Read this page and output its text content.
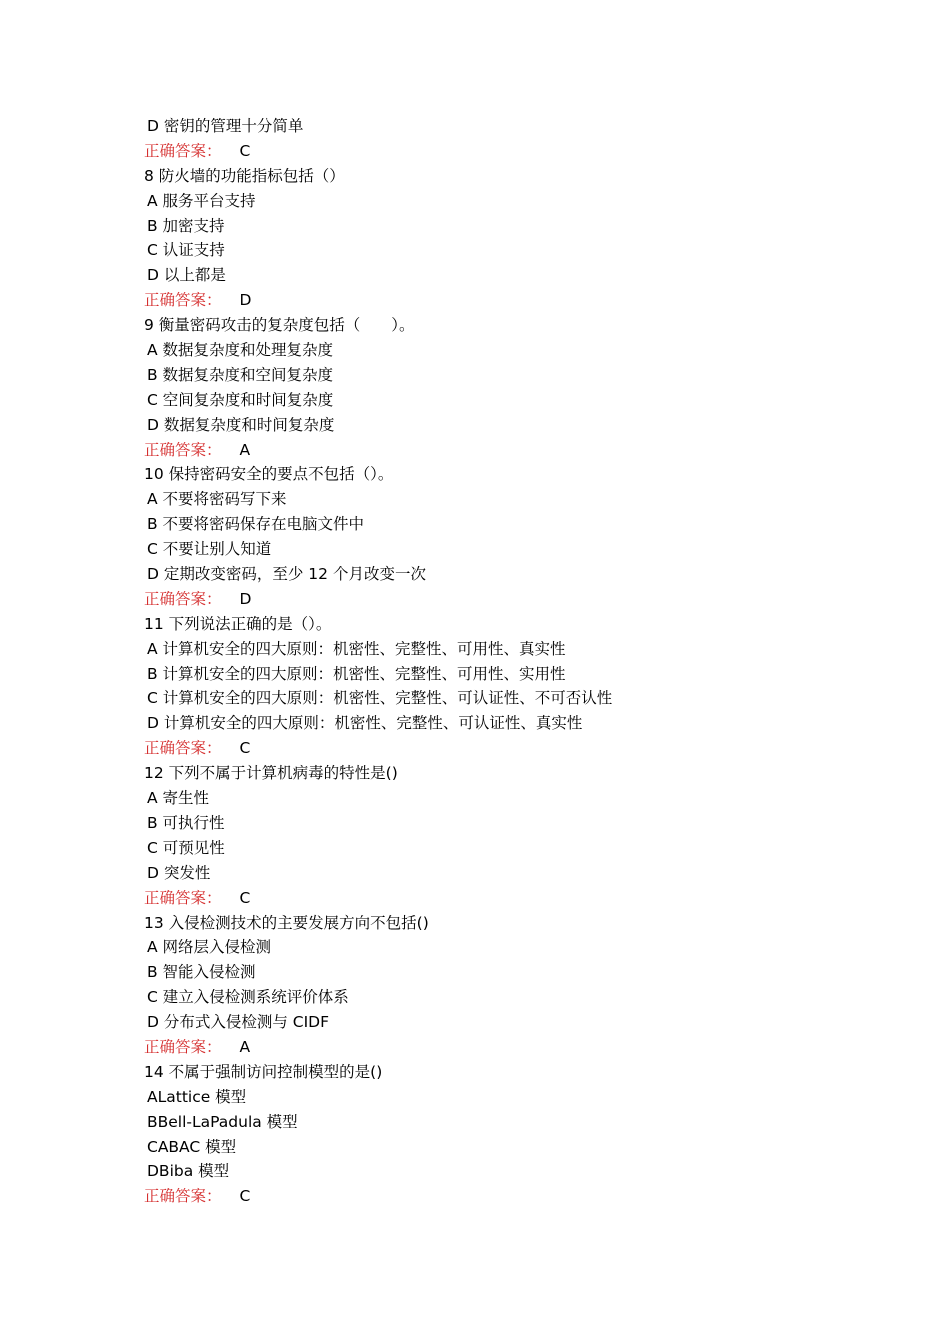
D 密钥的管理十分简单
正确答案： C
8 防火墙的功能指标包括（）
A 服务平台支持
B 加密支持
C 认证支持
D 以上都是
正确答案： D
9 衡量密码攻击的复杂度包括（　　）。
A 数据复杂度和处理复杂度
B 数据复杂度和空间复杂度
C 空间复杂度和时间复杂度
D 数据复杂度和时间复杂度
正确答案： A
10 保持密码安全的要点不包括（）。
A 不要将密码写下来
B 不要将密码保存在电脑文件中
C 不要让别人知道
D 定期改变密码，至少 12 个月改变一次
正确答案： D
11 下列说法正确的是（）。
A 计算机安全的四大原则：机密性、完整性、可用性、真实性
B 计算机安全的四大原则：机密性、完整性、可用性、实用性
C 计算机安全的四大原则：机密性、完整性、可认证性、不可否认性
D 计算机安全的四大原则：机密性、完整性、可认证性、真实性
正确答案： C
12 下列不属于计算机病毒的特性是()
A 寄生性
B 可执行性
C 可预见性
D 突发性
正确答案： C
13 入侵检测技术的主要发展方向不包括()
A 网络层入侵检测
B 智能入侵检测
C 建立入侵检测系统评价体系
D 分布式入侵检测与 CIDF
正确答案： A
14 不属于强制访问控制模型的是()
ALattice 模型
BBell-LaPadula 模型
CABAC 模型
DBiba 模型
正确答案： C
